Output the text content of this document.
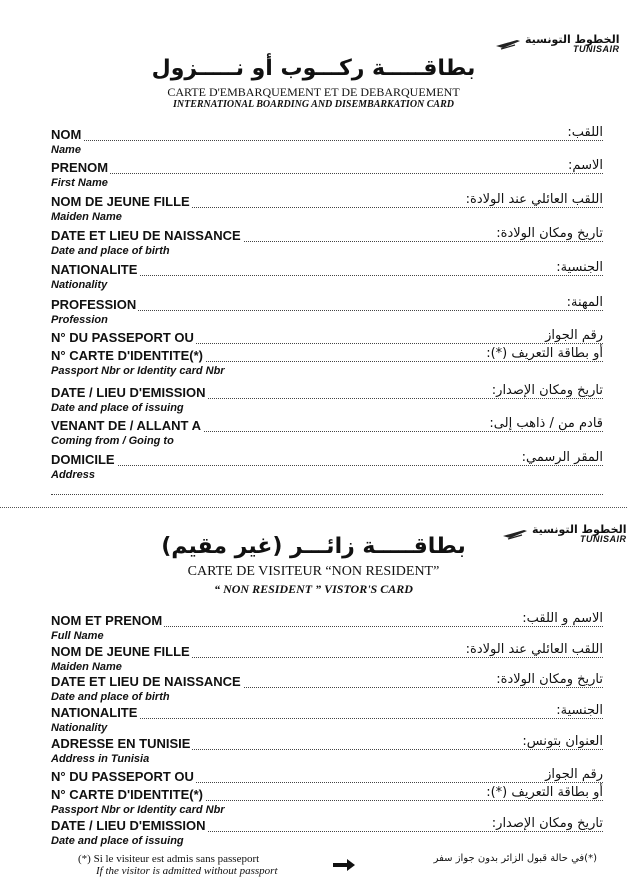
الخطوط التونسية
TUNISAIR
بطاقـــــة ركـــوب أو نـــــزول
CARTE D'EMBARQUEMENT ET DE DEBARQUEMENT
INTERNATIONAL BOARDING AND DISEMBARKATION CARD
NOM	اللقب:
Name
PRENOM	الاسم:
First Name
NOM DE JEUNE FILLE	اللقب العائلي عند الولادة:
Maiden Name
DATE ET LIEU DE NAISSANCE	تاريخ ومكان الولادة:
Date and place of birth
NATIONALITE	الجنسية:
Nationality
PROFESSION	المهنة:
Profession
N° DU PASSEPORT OU	رقم الجواز
N° CARTE D'IDENTITE(*)	أو بطاقة التعريف (*):
Passport Nbr or Identity card Nbr
DATE / LIEU D'EMISSION	تاريخ ومكان الإصدار:
Date and place of issuing
VENANT DE / ALLANT A	قادم من / ذاهب إلى:
Coming from / Going to
DOMICILE	المقر الرسمي:
Address
الخطوط التونسية
TUNISAIR
بطاقـــــة زائـــر (غير مقيم)
CARTE DE VISITEUR “NON RESIDENT”
“ NON RESIDENT ” VISTOR'S CARD
NOM ET PRENOM	الاسم و اللقب:
Full Name
NOM DE JEUNE FILLE	اللقب العائلي عند الولادة:
Maiden Name
DATE ET LIEU DE NAISSANCE	تاريخ ومكان الولادة:
Date and place of birth
NATIONALITE	الجنسية:
Nationality
ADRESSE EN TUNISIE	العنوان بتونس:
Address in Tunisia
N° DU PASSEPORT OU	رقم الجواز
N° CARTE D'IDENTITE(*)	أو بطاقة التعريف (*):
Passport Nbr or Identity card Nbr
DATE / LIEU D'EMISSION	تاريخ ومكان الإصدار:
Date and place of issuing
(*) Si le visiteur est admis sans passeport
If the visitor is admitted without passport
(*)في حالة قبول الزائر بدون جواز سفر
